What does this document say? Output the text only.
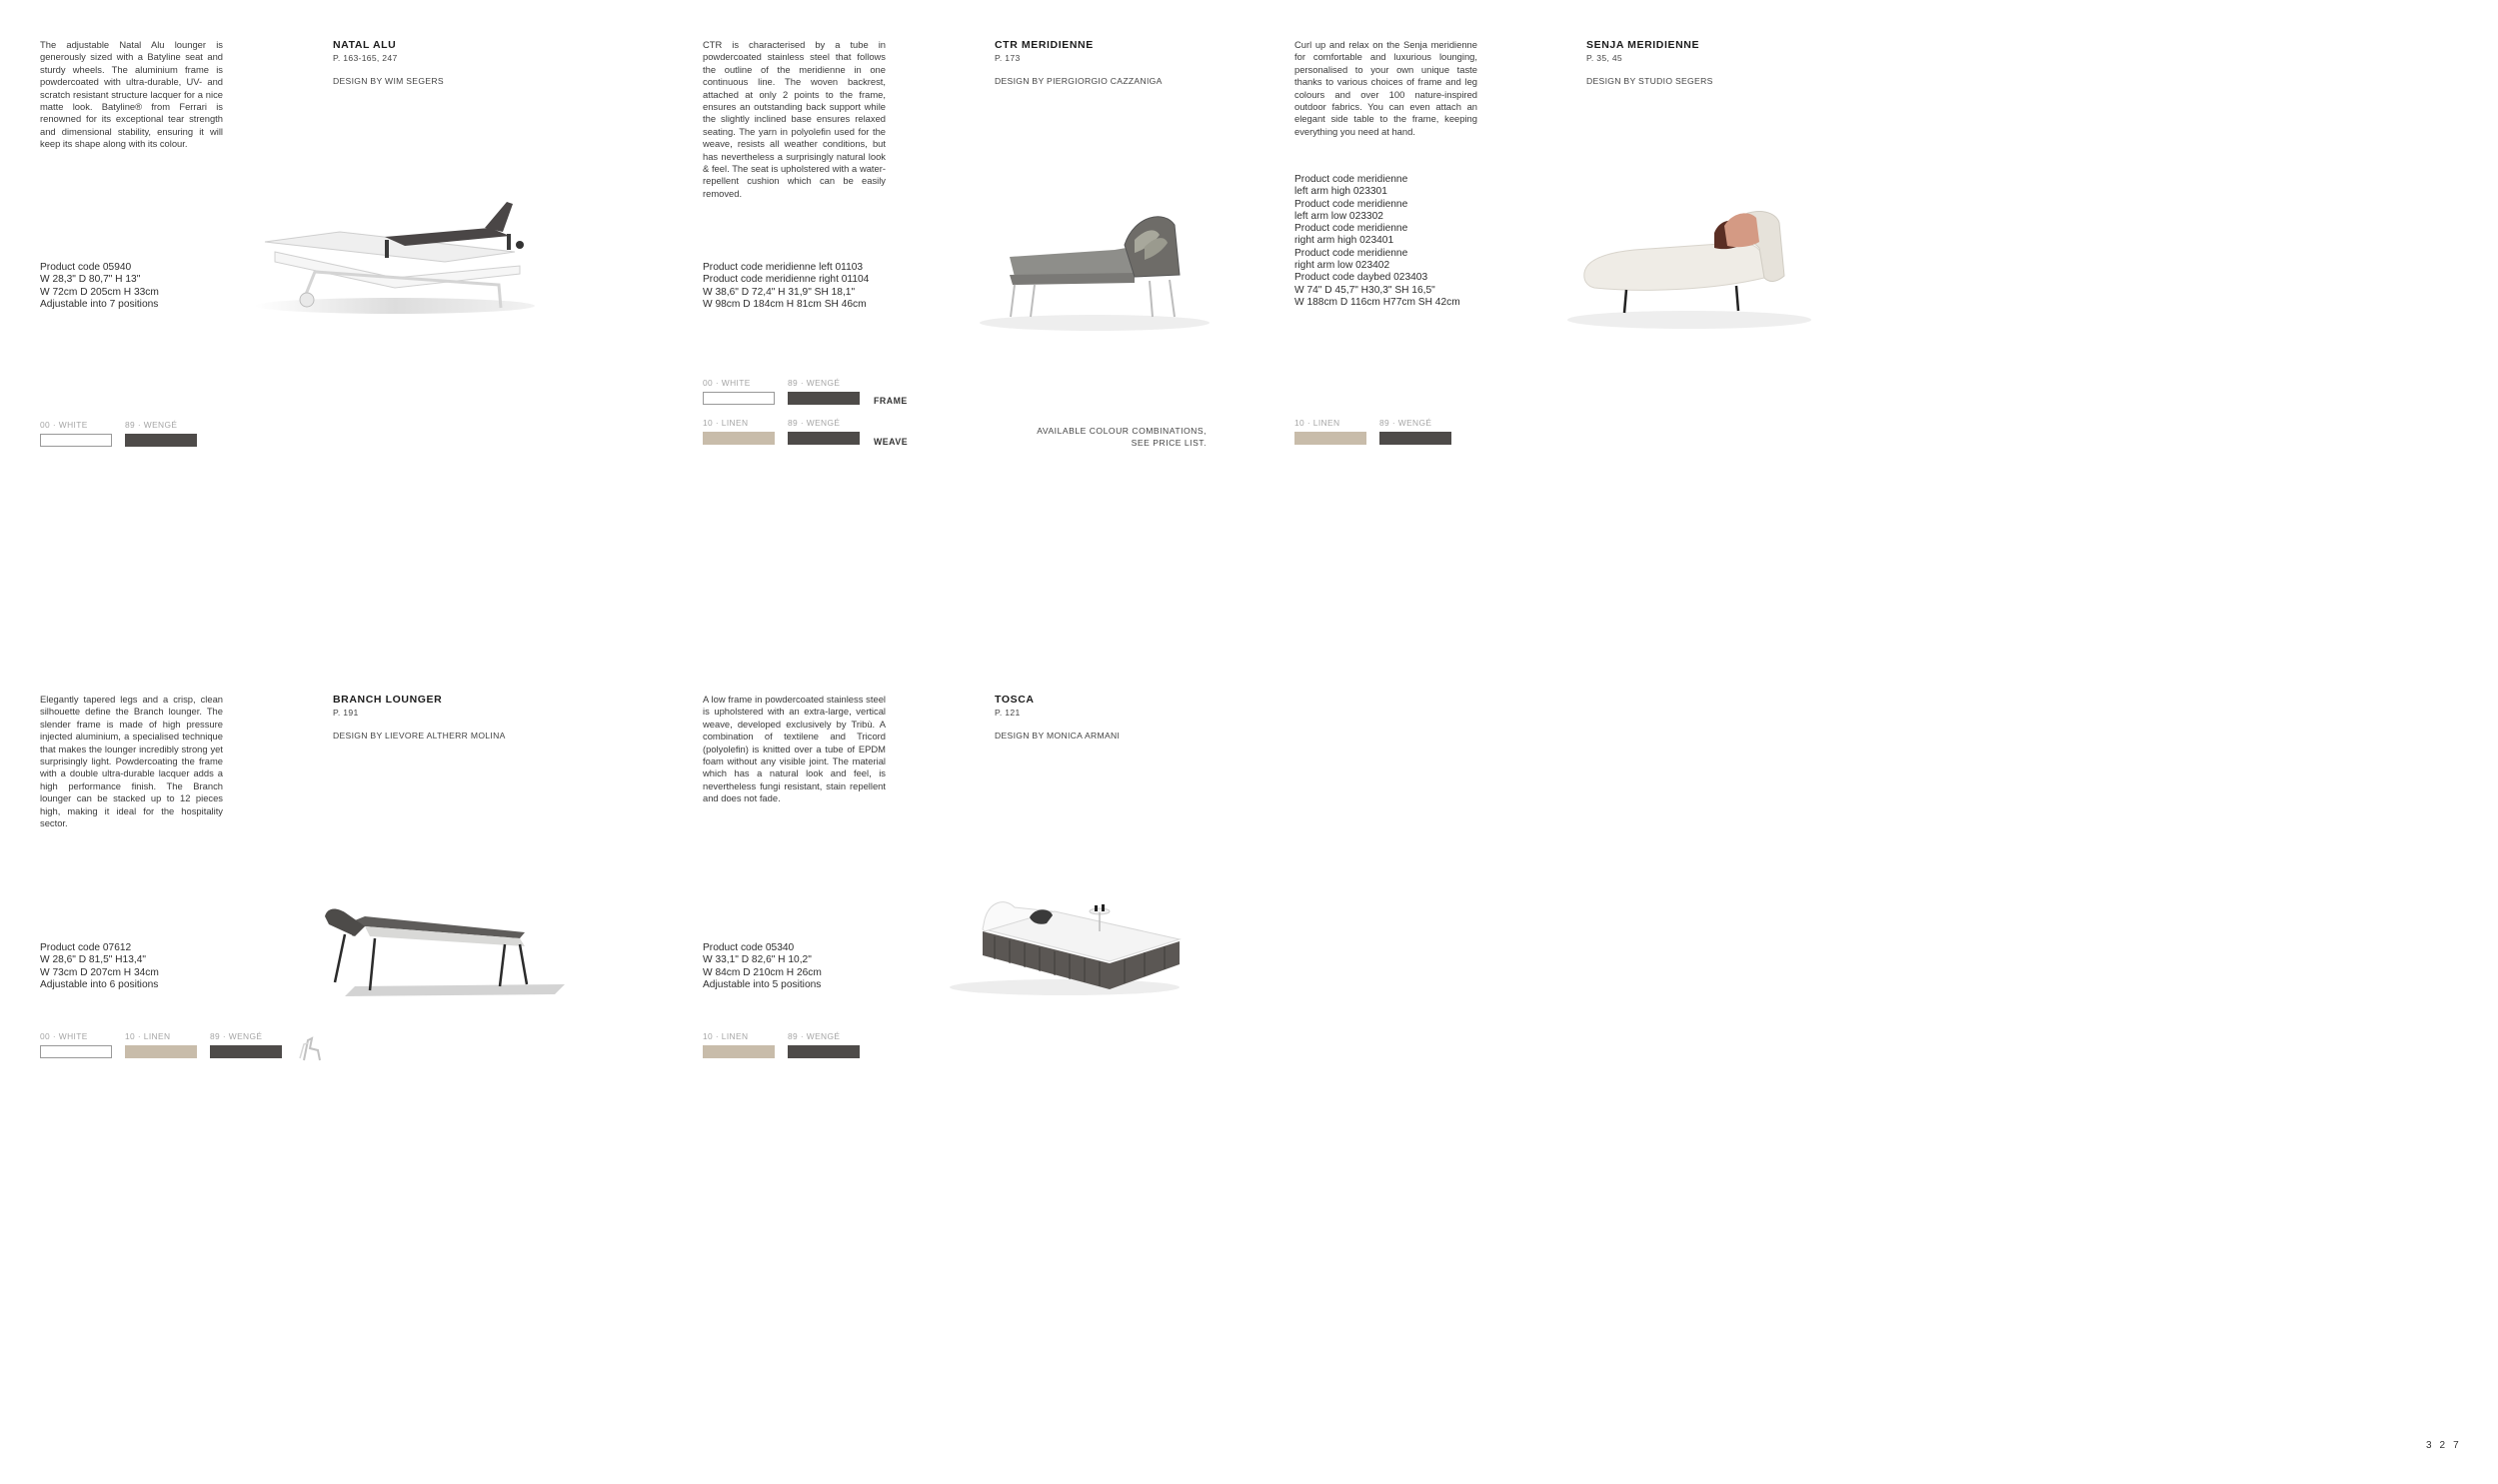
The adjustable Natal Alu lounger is generously sized with a Batyline seat and sturdy wheels. The aluminium frame is powdercoated with ultra-durable, UV- and scratch resistant structure lacquer for a nice matte look. Batyline® from Ferrari is renowned for its exceptional tear strength and dimensional stability, ensuring it will keep its shape along with its colour.
NATAL ALU
P. 163-165, 247
DESIGN BY WIM SEGERS
Product code 05940
W 28,3" D 80,7" H 13"
W 72cm D 205cm H 33cm
Adjustable into 7 positions
00 · WHITE	89 · WENGÉ
CTR is characterised by a tube in powdercoated stainless steel that follows the outline of the meridienne in one continuous line. The woven backrest, attached at only 2 points to the frame, ensures an outstanding back support while the slightly inclined base ensures relaxed seating. The yarn in polyolefin used for the weave, resists all weather conditions, but has nevertheless a surprisingly natural look & feel. The seat is upholstered with a water-repellent cushion which can be easily removed.
CTR MERIDIENNE
P. 173
DESIGN BY PIERGIORGIO CAZZANIGA
Product code meridienne left 01103
Product code meridienne right 01104
W 38,6" D 72,4" H 31,9" SH 18,1"
W 98cm D 184cm H 81cm SH 46cm
00 · WHITE	89 · WENGÉ
FRAME
10 · LINEN	89 · WENGÉ
WEAVE
AVAILABLE COLOUR COMBINATIONS,
SEE PRICE LIST.
Curl up and relax on the Senja meridienne for comfortable and luxurious lounging, personalised to your own unique taste thanks to various choices of frame and leg colours and over 100 nature-inspired outdoor fabrics. You can even attach an elegant side table to the frame, keeping everything you need at hand.
SENJA MERIDIENNE
P. 35, 45
DESIGN BY STUDIO SEGERS
Product code meridienne
left arm high 023301
Product code meridienne
left arm low 023302
Product code meridienne
right arm high 023401
Product code meridienne
right arm low 023402
Product code daybed 023403
W 74" D 45,7" H30,3" SH 16,5"
W 188cm D 116cm H77cm SH 42cm
10 · LINEN	89 · WENGÉ
Elegantly tapered legs and a crisp, clean silhouette define the Branch lounger. The slender frame is made of high pressure injected aluminium, a specialised technique that makes the lounger incredibly strong yet surprisingly light. Powdercoating the frame with a double ultra-durable lacquer adds a high performance finish. The Branch lounger can be stacked up to 12 pieces high, making it ideal for the hospitality sector.
BRANCH LOUNGER
P. 191
DESIGN BY LIEVORE ALTHERR MOLINA
Product code 07612
W 28,6" D 81,5" H13,4"
W 73cm D 207cm H 34cm
Adjustable into 6 positions
00 · WHITE	10 · LINEN	89 · WENGÉ
A low frame in powdercoated stainless steel is upholstered with an extra-large, vertical weave, developed exclusively by Tribù. A combination of textilene and Tricord (polyolefin) is knitted over a tube of EPDM foam without any visible joint. The material which has a natural look and feel, is nevertheless fungi resistant, stain repellent and does not fade.
TOSCA
P. 121
DESIGN BY MONICA ARMANI
Product code 05340
W 33,1" D 82,6" H 10,2"
W 84cm D 210cm H 26cm
Adjustable into 5 positions
10 · LINEN	89 · WENGÉ
327
